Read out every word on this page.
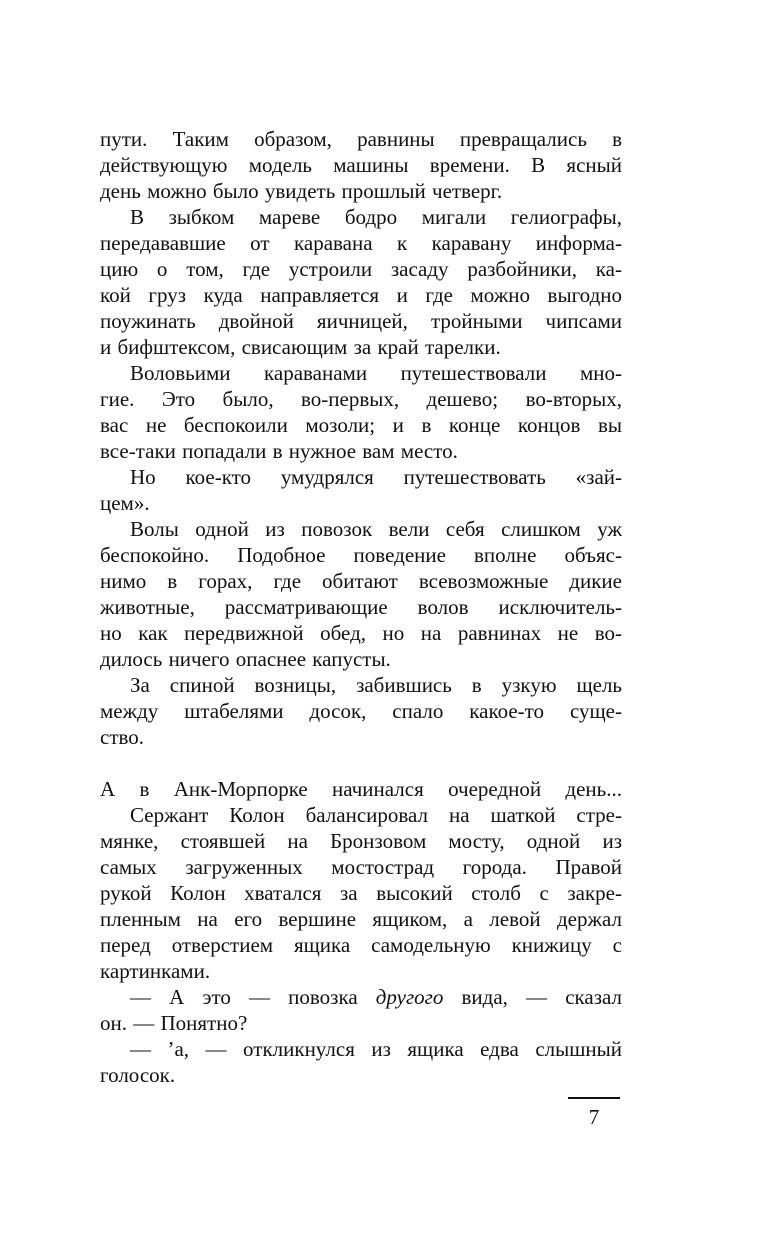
пути. Таким образом, равнины превращались в
действующую модель машины времени. В ясный
день можно было увидеть прошлый четверг.
В зыбком мареве бодро мигали гелиографы,
передававшие от каравана к каравану информа-
цию о том, где устроили засаду разбойники, ка-
кой груз куда направляется и где можно выгодно
поужинать двойной яичницей, тройными чипсами
и бифштексом, свисающим за край тарелки.
Воловьими караванами путешествовали мно-
гие. Это было, во-первых, дешево; во-вторых,
вас не беспокоили мозоли; и в конце концов вы
все-таки попадали в нужное вам место.
Но кое-кто умудрялся путешествовать «зай-
цем».
Волы одной из повозок вели себя слишком уж
беспокойно. Подобное поведение вполне объяс-
нимо в горах, где обитают всевозможные дикие
животные, рассматривающие волов исключитель-
но как передвижной обед, но на равнинах не во-
дилось ничего опаснее капусты.
За спиной возницы, забившись в узкую щель
между штабелями досок, спало какое-то суще-
ство.
А в Анк-Морпорке начинался очередной день...
Сержант Колон балансировал на шаткой стре-
мянке, стоявшей на Бронзовом мосту, одной из
самых загруженных мостострад города. Правой
рукой Колон хватался за высокий столб с закре-
пленным на его вершине ящиком, а левой держал
перед отверстием ящика самодельную книжицу с
картинками.
— А это — повозка другого вида, — сказал
он. — Понятно?
— ’а, — откликнулся из ящика едва слышный
голосок.
7
